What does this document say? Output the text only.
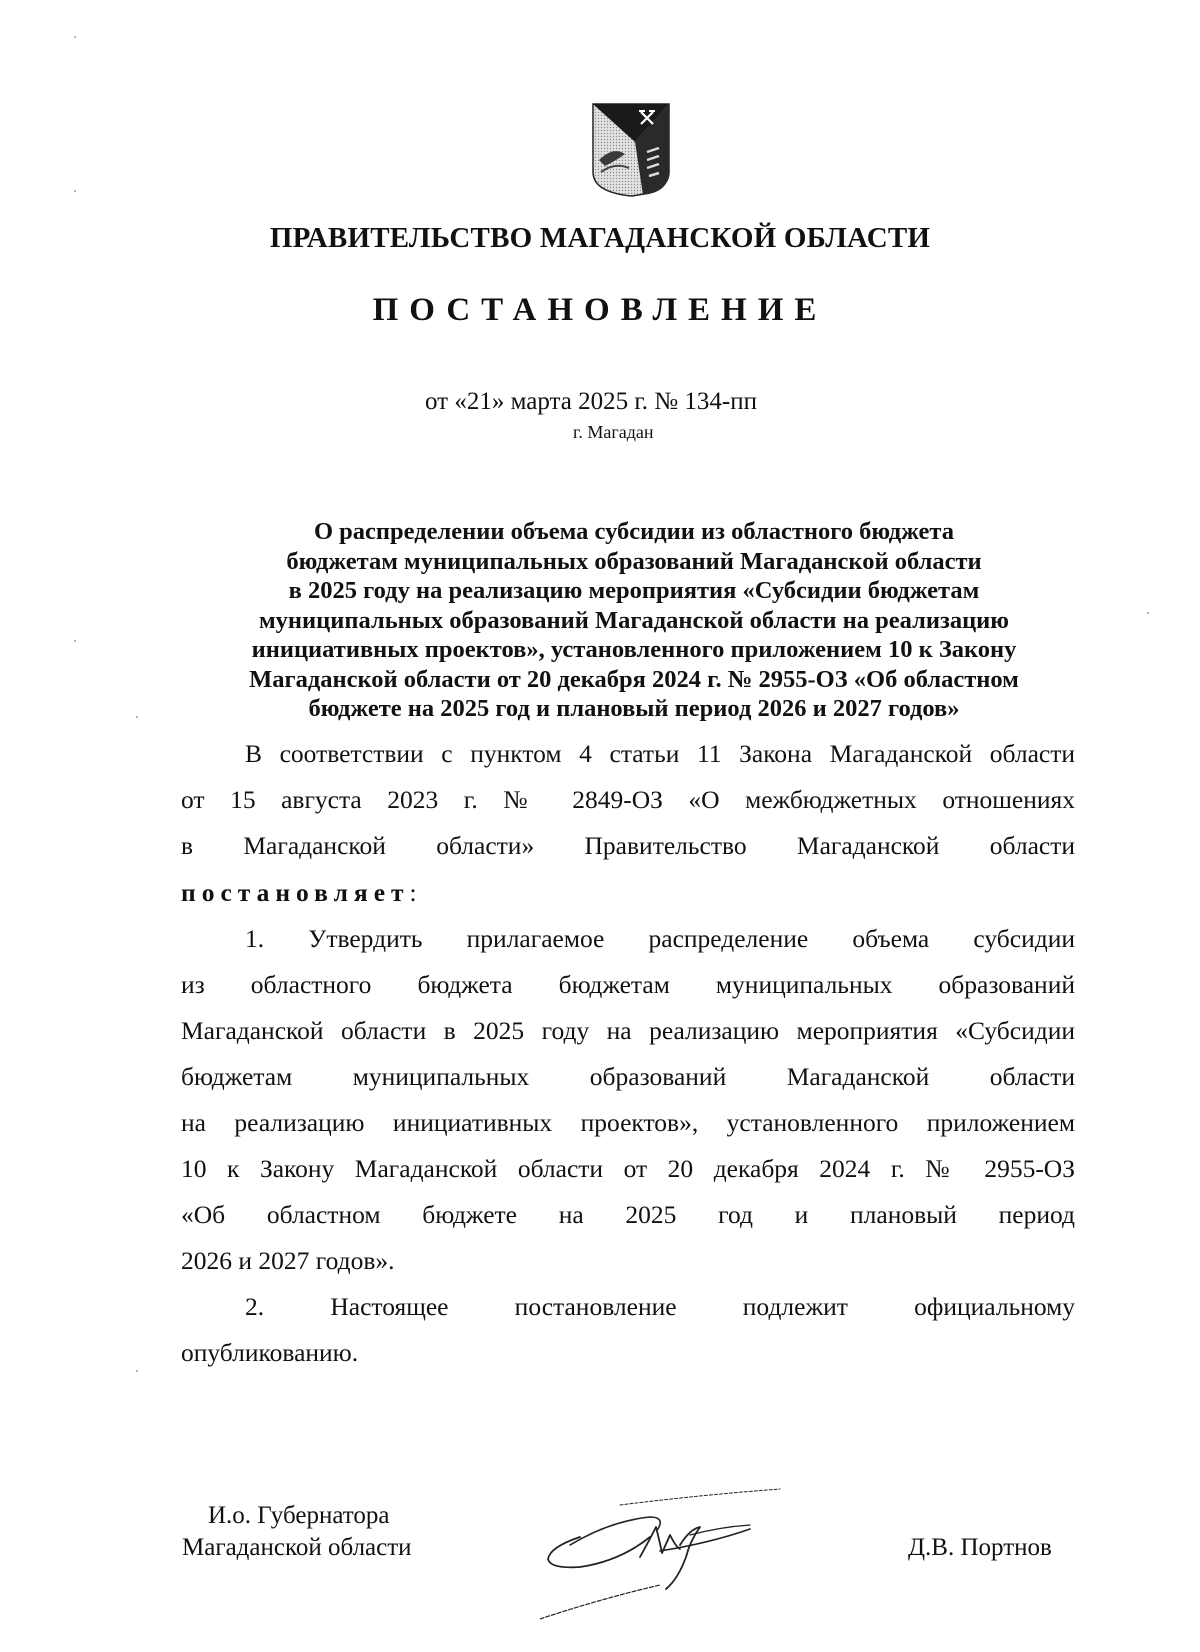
ПРАВИТЕЛЬСТВО МАГАДАНСКОЙ ОБЛАСТИ
ПОСТАНОВЛЕНИЕ
от «21» марта 2025 г. № 134-пп
г. Магадан

О распределении объема субсидии из областного бюджета
бюджетам муниципальных образований Магаданской области
в 2025 году на реализацию мероприятия «Субсидии бюджетам
муниципальных образований Магаданской области на реализацию
инициативных проектов», установленного приложением 10 к Закону
Магаданской области от 20 декабря 2024 г. № 2955-ОЗ «Об областном
бюджете на 2025 год и плановый период 2026 и 2027 годов»

В соответствии с пунктом 4 статьи 11 Закона Магаданской области
от 15 августа 2023 г. № 2849-ОЗ «О межбюджетных отношениях
в Магаданской области» Правительство Магаданской области
постановляет:
1. Утвердить прилагаемое распределение объема субсидии
из областного бюджета бюджетам муниципальных образований
Магаданской области в 2025 году на реализацию мероприятия «Субсидии
бюджетам муниципальных образований Магаданской области
на реализацию инициативных проектов», установленного приложением
10 к Закону Магаданской области от 20 декабря 2024 г. № 2955-ОЗ
«Об областном бюджете на 2025 год и плановый период
2026 и 2027 годов».
2. Настоящее постановление подлежит официальному
опубликованию.
И.о. Губернатора
Магаданской области	Д.В. Портнов
